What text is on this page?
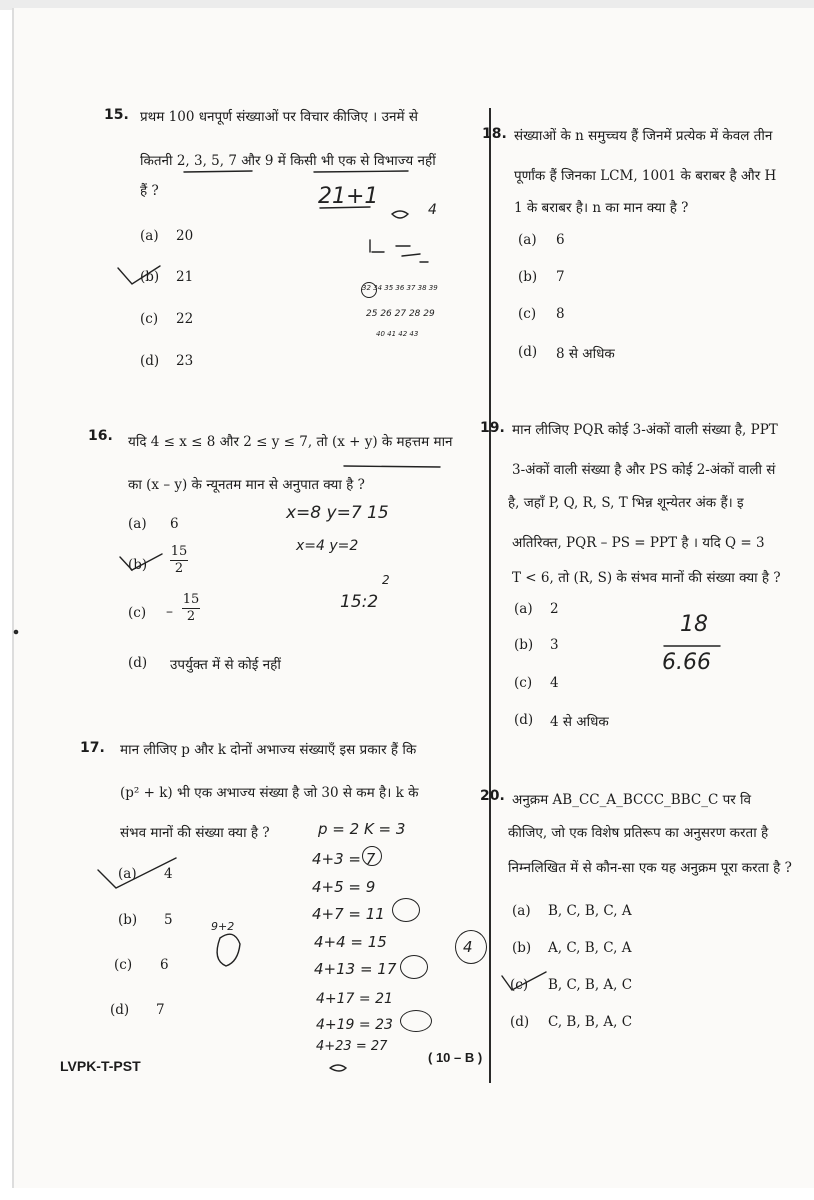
15. प्रथम 100 धनपूर्ण संख्याओं पर विचार कीजिए । उनमें से
कितनी 2, 3, 5, 7 और 9 में किसी भी एक से विभाज्य नहीं
हैं ?
(a) 20
(b) 21
(c) 22
(d) 23
21+1
4
32 34 35 36 37 38 39
25 26 27 28 29
40 41 42 43
16. यदि 4 ≤ x ≤ 8 और 2 ≤ y ≤ 7, तो (x + y) के महत्तम मान
का (x – y) के न्यूनतम मान से अनुपात क्या है ?
(a) 6
(b)
15
2
(c) –
15
2
(d) उपर्युक्त में से कोई नहीं
x=8 y=7 15
x=4 y=2
15:2
2
17. मान लीजिए p और k दोनों अभाज्य संख्याएँ इस प्रकार हैं कि
(p² + k) भी एक अभाज्य संख्या है जो 30 से कम है। k के
संभव मानों की संख्या क्या है ?
(a) 4
(b) 5
(c) 6
(d) 7
p = 2 K = 3
4+3 = 7
4+5 = 9
4+7 = 11
4+4 = 15
4+13 = 17
4+17 = 21
4+19 = 23
4+23 = 27
4
9+2
18. संख्याओं के n समुच्चय हैं जिनमें प्रत्येक में केवल तीन
पूर्णांक हैं जिनका LCM, 1001 के बराबर है और H
1 के बराबर है। n का मान क्या है ?
(a) 6
(b) 7
(c) 8
(d) 8 से अधिक
19. मान लीजिए PQR कोई 3-अंकों वाली संख्या है, PPT
3-अंकों वाली संख्या है और PS कोई 2-अंकों वाली सं
है, जहाँ P, Q, R, S, T भिन्न शून्येतर अंक हैं। इ
अतिरिक्त, PQR – PS = PPT है । यदि Q = 3
T < 6, तो (R, S) के संभव मानों की संख्या क्या है ?
(a) 2
(b) 3
(c) 4
(d) 4 से अधिक
18
6.66
20. अनुक्रम AB_CC_A_BCCC_BBC_C पर वि
कीजिए, जो एक विशेष प्रतिरूप का अनुसरण करता है
निम्नलिखित में से कौन-सा एक यह अनुक्रम पूरा करता है ?
(a) B, C, B, C, A
(b) A, C, B, C, A
(c) B, C, B, A, C
(d) C, B, B, A, C
LVPK-T-PST
( 10 – B )
